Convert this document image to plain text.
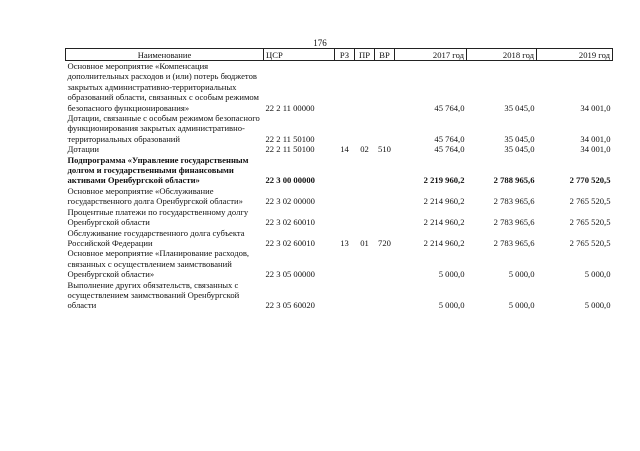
176
Наименование	ЦСР	РЗ	ПР	ВР	2017 год	2018 год	2019 год
Основное мероприятие «Компенсация дополнительных расходов и (или) потерь бюджетов закрытых административно-территориальных образований области, связанных с особым режимом безопасного функционирования»	22 2 11 00000				45 764,0	35 045,0	34 001,0
Дотации, связанные с особым режимом безопасного функционирования закрытых административно-территориальных образований	22 2 11 50100				45 764,0	35 045,0	34 001,0
Дотации	22 2 11 50100	14	02	510	45 764,0	35 045,0	34 001,0
Подпрограмма «Управление государственным долгом и государственными финансовыми активами Оренбургской области»	22 3 00 00000				2 219 960,2	2 788 965,6	2 770 520,5
Основное мероприятие «Обслуживание государственного долга Оренбургской области»	22 3 02 00000				2 214 960,2	2 783 965,6	2 765 520,5
Процентные платежи по государственному долгу Оренбургской области	22 3 02 60010				2 214 960,2	2 783 965,6	2 765 520,5
Обслуживание государственного долга субъекта Российской Федерации	22 3 02 60010	13	01	720	2 214 960,2	2 783 965,6	2 765 520,5
Основное мероприятие «Планирование расходов, связанных с осуществлением заимствований Оренбургской области»	22 3 05 00000				5 000,0	5 000,0	5 000,0
Выполнение других обязательств, связанных с осуществлением заимствований Оренбургской области	22 3 05 60020				5 000,0	5 000,0	5 000,0
